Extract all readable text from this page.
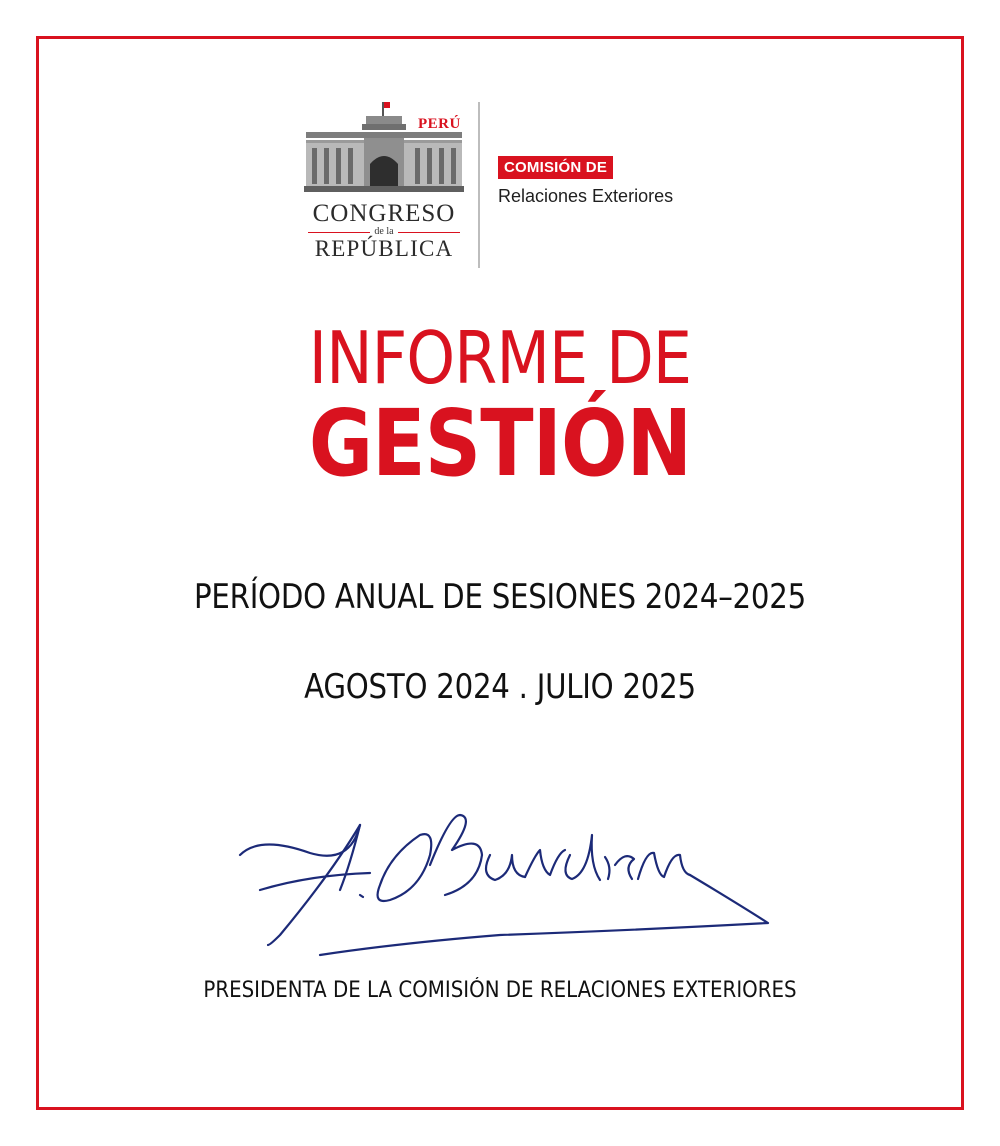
PERÚ
CONGRESO
de la
REPÚBLICA
COMISIÓN DE
Relaciones Exteriores
INFORME DE
GESTIÓN
PERÍODO ANUAL DE SESIONES 2024–2025
AGOSTO 2024 . JULIO 2025
PRESIDENTA DE LA COMISIÓN DE RELACIONES EXTERIORES
